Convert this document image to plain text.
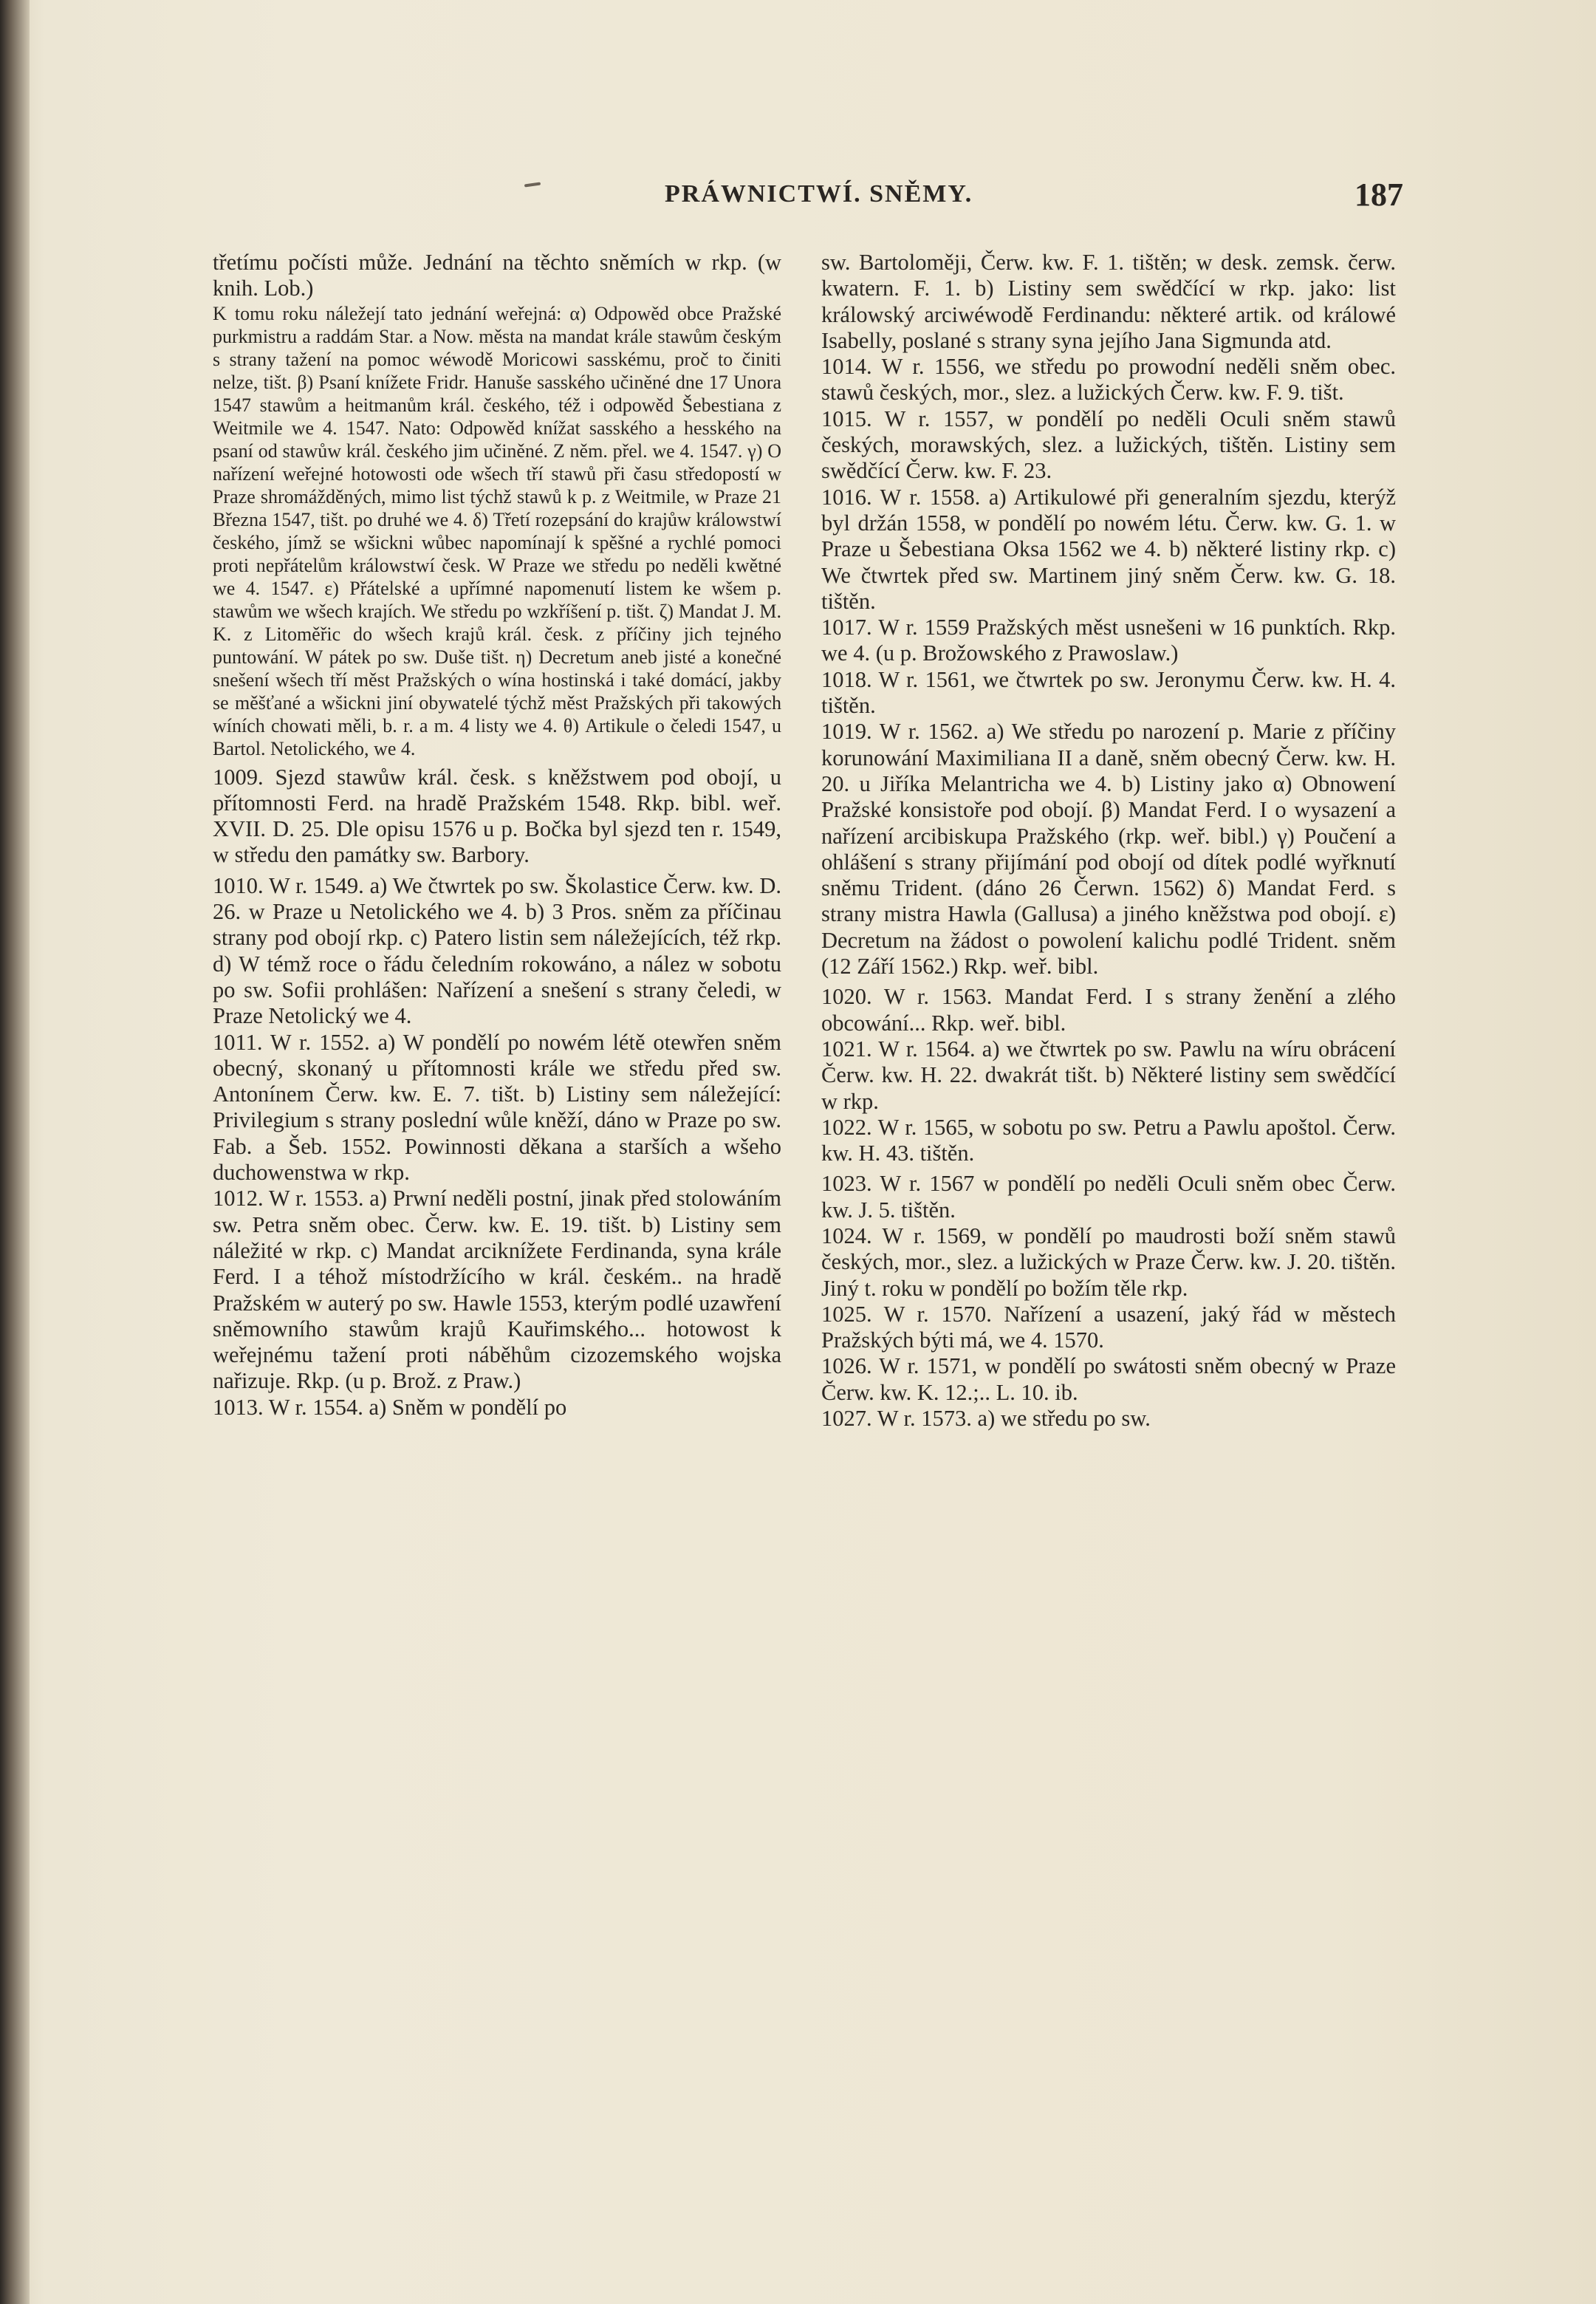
PRÁWNICTWÍ. SNĚMY.	187

třetímu počísti může. Jednání na těchto sněmích w rkp. (w knih. Lob.)

K tomu roku náležejí tato jednání weřejná: α) Odpowěd obce Pražské purkmistru a raddám Star. a Now. města na mandat krále stawům českým s strany tažení na pomoc wéwodě Moricowi sasskému, proč to činiti nelze, tišt. β) Psaní knížete Fridr. Hanuše sasského učiněné dne 17 Unora 1547 stawům a heitmanům král. českého, též i odpowěd Šebestiana z Weitmile we 4. 1547. Nato: Odpowěd knížat sasského a hesského na psaní od stawůw král. českého jim učiněné. Z něm. přel. we 4. 1547. γ) O nařízení weřejné hotowosti ode wšech tří stawů při času středopostí w Praze shromážděných, mimo list týchž stawů k p. z Weitmile, w Praze 21 Března 1547, tišt. po druhé we 4. δ) Třetí rozepsání do krajůw králowstwí českého, jímž se wšickni wůbec napomínají k spěšné a rychlé pomoci proti nepřátelům králowstwí česk. W Praze we středu po neděli kwětné we 4. 1547. ε) Přátelské a upřímné napomenutí listem ke wšem p. stawům we wšech krajích. We středu po wzkříšení p. tišt. ζ) Mandat J. M. K. z Litoměřic do wšech krajů král. česk. z příčiny jich tejného puntowání. W pátek po sw. Duše tišt. η) Decretum aneb jisté a konečné snešení wšech tří měst Pražských o wína hostinská i také domácí, jakby se měšťané a wšickni jiní obywatelé týchž měst Pražských při takowých wíních chowati měli, b. r. a m. 4 listy we 4. θ) Artikule o čeledi 1547, u Bartol. Netolického, we 4.

1009. Sjezd stawůw král. česk. s kněžstwem pod obojí, u přítomnosti Ferd. na hradě Pražském 1548. Rkp. bibl. weř. XVII. D. 25. Dle opisu 1576 u p. Bočka byl sjezd ten r. 1549, w středu den památky sw. Barbory.

1010. W r. 1549. a) We čtwrtek po sw. Školastice Čerw. kw. D. 26. w Praze u Netolického we 4. b) 3 Pros. sněm za příčinau strany pod obojí rkp. c) Patero listin sem náležejících, též rkp. d) W témž roce o řádu čeledním rokowáno, a nález w sobotu po sw. Sofii prohlášen: Nařízení a snešení s strany čeledi, w Praze Netolický we 4.

1011. W r. 1552. a) W pondělí po nowém létě otewřen sněm obecný, skonaný u přítomnosti krále we středu před sw. Antonínem Čerw. kw. E. 7. tišt. b) Listiny sem náležející: Privilegium s strany poslední wůle kněží, dáno w Praze po sw. Fab. a Šeb. 1552. Powinnosti děkana a starších a wšeho duchowenstwa w rkp.

1012. W r. 1553. a) Prwní neděli postní, jinak před stolowáním sw. Petra sněm obec. Čerw. kw. E. 19. tišt. b) Listiny sem náležité w rkp. c) Mandat arciknížete Ferdinanda, syna krále Ferd. I a téhož místodržícího w král. českém.. na hradě Pražském w auterý po sw. Hawle 1553, kterým podlé uzawření sněmowního stawům krajů Kauřimského... hotowost k weřejnému tažení proti náběhům cizozemského wojska nařizuje. Rkp. (u p. Brož. z Praw.)

1013. W r. 1554. a) Sněm w pondělí po

sw. Bartoloměji, Čerw. kw. F. 1. tištěn; w desk. zemsk. čerw. kwatern. F. 1. b) Listiny sem swědčící w rkp. jako: list králowský arciwéwodě Ferdinandu: některé artik. od králowé Isabelly, poslané s strany syna jejího Jana Sigmunda atd.

1014. W r. 1556, we středu po prowodní neděli sněm obec. stawů českých, mor., slez. a lužických Čerw. kw. F. 9. tišt.

1015. W r. 1557, w pondělí po neděli Oculi sněm stawů českých, morawských, slez. a lužických, tištěn. Listiny sem swědčící Čerw. kw. F. 23.

1016. W r. 1558. a) Artikulowé při generalním sjezdu, kterýž byl držán 1558, w pondělí po nowém létu. Čerw. kw. G. 1. w Praze u Šebestiana Oksa 1562 we 4. b) některé listiny rkp. c) We čtwrtek před sw. Martinem jiný sněm Čerw. kw. G. 18. tištěn.

1017. W r. 1559 Pražských měst usnešeni w 16 punktích. Rkp. we 4. (u p. Brožowského z Prawoslaw.)

1018. W r. 1561, we čtwrtek po sw. Jeronymu Čerw. kw. H. 4. tištěn.

1019. W r. 1562. a) We středu po narození p. Marie z příčiny korunowání Maximiliana II a daně, sněm obecný Čerw. kw. H. 20. u Jiříka Melantricha we 4. b) Listiny jako α) Obnowení Pražské konsistoře pod obojí. β) Mandat Ferd. I o wysazení a nařízení arcibiskupa Pražského (rkp. weř. bibl.) γ) Poučení a ohlášení s strany přijímání pod obojí od dítek podlé wyřknutí sněmu Trident. (dáno 26 Čerwn. 1562) δ) Mandat Ferd. s strany mistra Hawla (Gallusa) a jiného kněžstwa pod obojí. ε) Decretum na žádost o powolení kalichu podlé Trident. sněm (12 Září 1562.) Rkp. weř. bibl.

1020. W r. 1563. Mandat Ferd. I s strany ženění a zlého obcowání... Rkp. weř. bibl.

1021. W r. 1564. a) we čtwrtek po sw. Pawlu na wíru obrácení Čerw. kw. H. 22. dwakrát tišt. b) Některé listiny sem swědčící w rkp.

1022. W r. 1565, w sobotu po sw. Petru a Pawlu apoštol. Čerw. kw. H. 43. tištěn.

1023. W r. 1567 w pondělí po neděli Oculi sněm obec Čerw. kw. J. 5. tištěn.

1024. W r. 1569, w pondělí po maudrosti boží sněm stawů českých, mor., slez. a lužických w Praze Čerw. kw. J. 20. tištěn. Jiný t. roku w pondělí po božím těle rkp.

1025. W r. 1570. Nařízení a usazení, jaký řád w městech Pražských býti má, we 4. 1570.

1026. W r. 1571, w pondělí po swátosti sněm obecný w Praze Čerw. kw. K. 12.;.. L. 10. ib.

1027. W r. 1573. a) we středu po sw.
